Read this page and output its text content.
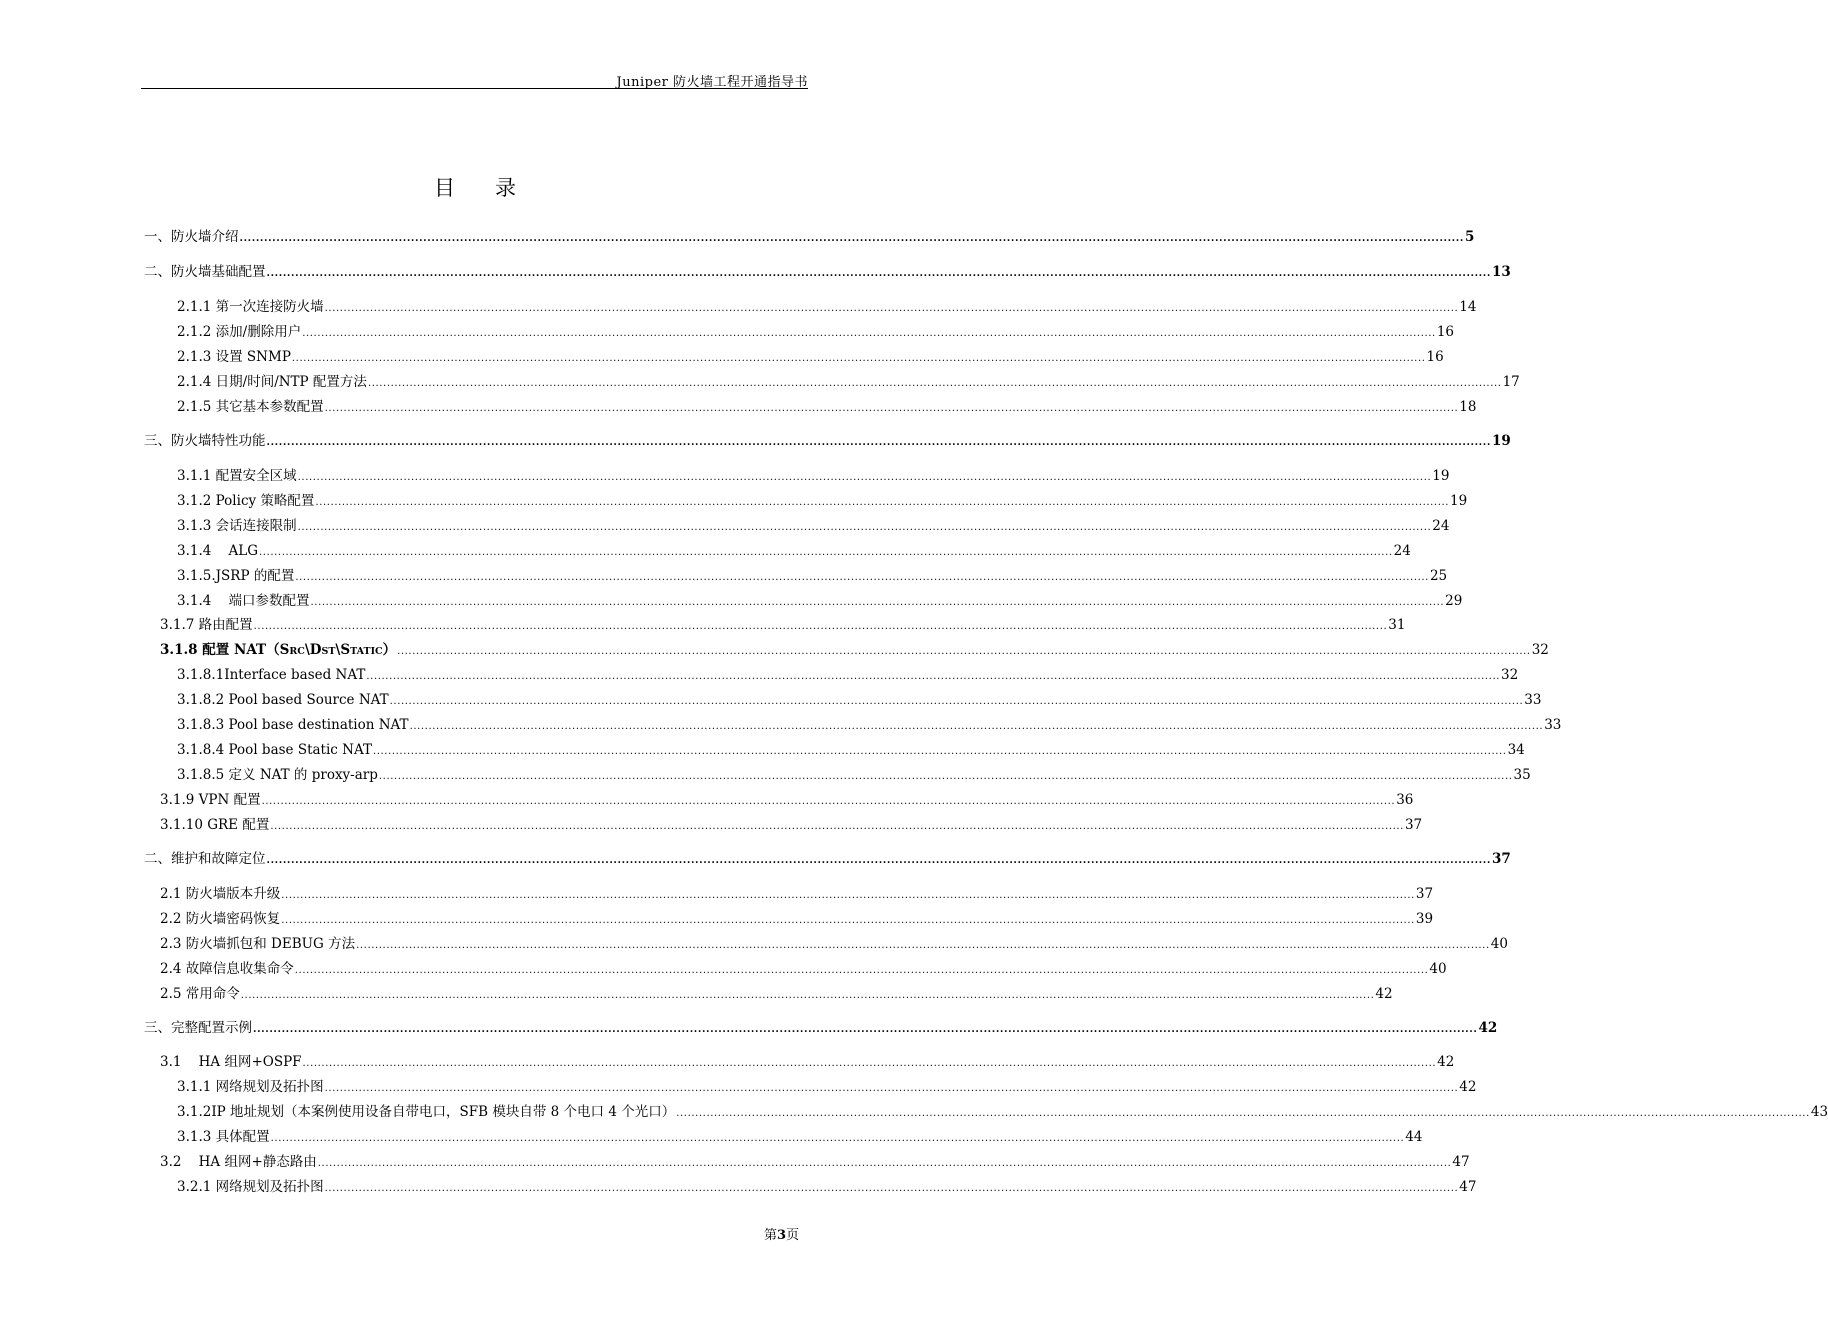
Juniper 防火墙工程开通指导书
目录
一、防火墙介绍 ............................................................................................................................................................................................................................................................................................................ 5
二、防火墙基础配置 ............................................................................................................................................................................................................................................................................................................ 13
2.1.1 第一次连接防火墙 ............................................................................................................................................................................................................................................................................................................ 14
2.1.2 添加/删除用户 ............................................................................................................................................................................................................................................................................................................ 16
2.1.3 设置 SNMP ............................................................................................................................................................................................................................................................................................................ 16
2.1.4 日期/时间/NTP 配置方法 ............................................................................................................................................................................................................................................................................................................ 17
2.1.5 其它基本参数配置 ............................................................................................................................................................................................................................................................................................................ 18
三、防火墙特性功能 ............................................................................................................................................................................................................................................................................................................ 19
3.1.1 配置安全区域 ............................................................................................................................................................................................................................................................................................................ 19
3.1.2 Policy 策略配置 ............................................................................................................................................................................................................................................................................................................ 19
3.1.3 会话连接限制 ............................................................................................................................................................................................................................................................................................................ 24
3.1.4    ALG ............................................................................................................................................................................................................................................................................................................ 24
3.1.5.JSRP 的配置 ............................................................................................................................................................................................................................................................................................................ 25
3.1.4    端口参数配置 ............................................................................................................................................................................................................................................................................................................ 29
3.1.7 路由配置 ............................................................................................................................................................................................................................................................................................................ 31
3.1.8 配置 NAT（S RC \ D ST \ S TATIC ） ............................................................................................................................................................................................................................................................................................................ 32
3.1.8.1Interface based NAT ............................................................................................................................................................................................................................................................................................................ 32
3.1.8.2 Pool based Source NAT ............................................................................................................................................................................................................................................................................................................ 33
3.1.8.3 Pool base destination NAT ............................................................................................................................................................................................................................................................................................................ 33
3.1.8.4 Pool base Static NAT ............................................................................................................................................................................................................................................................................................................ 34
3.1.8.5 定义 NAT 的 proxy-arp ............................................................................................................................................................................................................................................................................................................ 35
3.1.9 VPN 配置 ............................................................................................................................................................................................................................................................................................................ 36
3.1.10 GRE 配置 ............................................................................................................................................................................................................................................................................................................ 37
二、维护和故障定位 ............................................................................................................................................................................................................................................................................................................ 37
2.1 防火墙版本升级 ............................................................................................................................................................................................................................................................................................................ 37
2.2 防火墙密码恢复 ............................................................................................................................................................................................................................................................................................................ 39
2.3 防火墙抓包和 DEBUG 方法 ............................................................................................................................................................................................................................................................................................................ 40
2.4 故障信息收集命令 ............................................................................................................................................................................................................................................................................................................ 40
2.5 常用命令 ............................................................................................................................................................................................................................................................................................................ 42
三、完整配置示例 ............................................................................................................................................................................................................................................................................................................ 42
3.1    HA 组网+OSPF ............................................................................................................................................................................................................................................................................................................ 42
3.1.1 网络规划及拓扑图 ............................................................................................................................................................................................................................................................................................................ 42
3.1.2IP 地址规划（本案例使用设备自带电口，SFB 模块自带 8 个电口 4 个光口） ............................................................................................................................................................................................................................................................................................................ 43
3.1.3 具体配置 ............................................................................................................................................................................................................................................................................................................ 44
3.2    HA 组网+静态路由 ............................................................................................................................................................................................................................................................................................................ 47
3.2.1 网络规划及拓扑图 ............................................................................................................................................................................................................................................................................................................ 47
第3页
